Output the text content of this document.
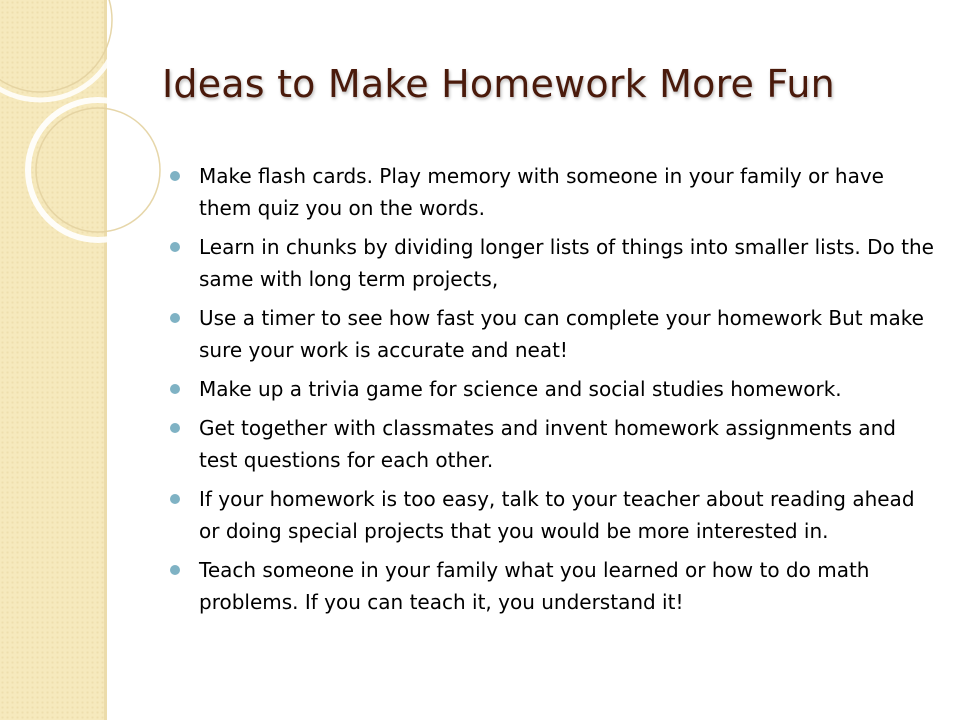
Ideas to Make Homework More Fun
Make flash cards. Play memory with someone in your family or have them quiz you on the words.
Learn in chunks by dividing longer lists of things into smaller lists. Do the same with long term projects,
Use a timer to see how fast you can complete your homework But make sure your work is accurate and neat!
Make up a trivia game for science and social studies homework.
Get together with classmates and invent homework assignments and test questions for each other.
If your homework is too easy, talk to your teacher about reading ahead or doing special projects that you would be more interested in.
Teach someone in your family what you learned or how to do math problems. If you can teach it, you understand it!
